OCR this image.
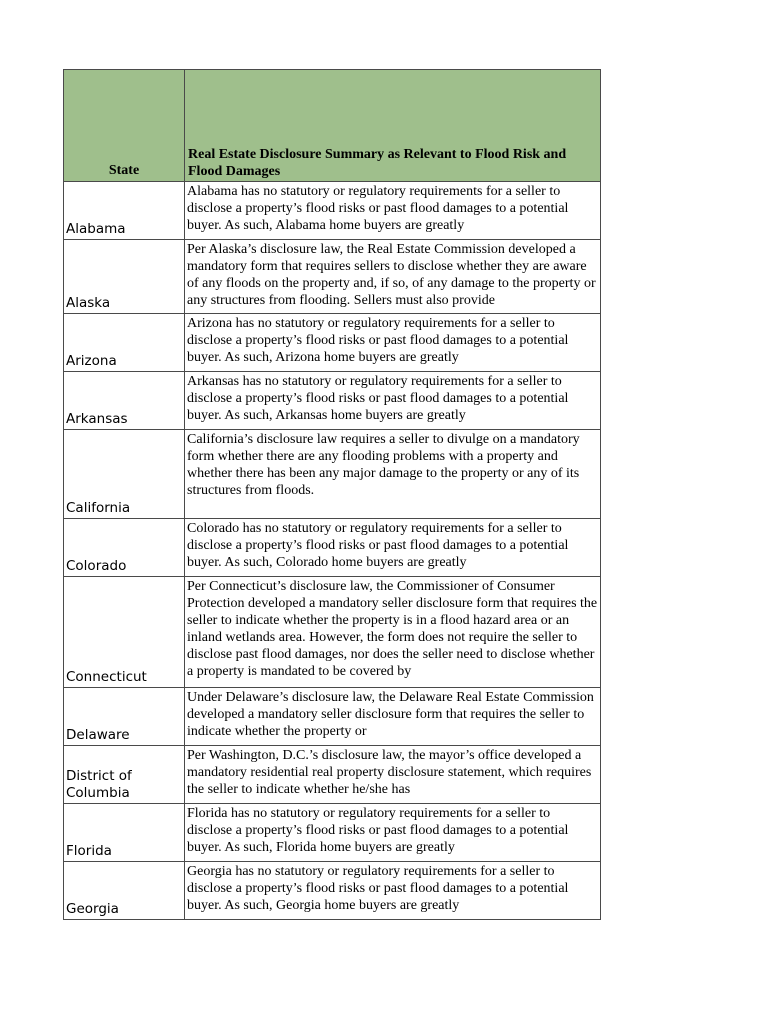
State	Real Estate Disclosure Summary as Relevant to Flood Risk and Flood Damages
Alabama	Alabama has no statutory or regulatory requirements for a seller to disclose a property’s flood risks or past flood damages to a potential buyer. As such, Alabama home buyers are greatly

Alaska	Per Alaska’s disclosure law, the Real Estate Commission developed a mandatory form that requires sellers to disclose whether they are aware of any floods on the property and, if so, of any damage to the property or any structures from flooding. Sellers must also provide

Arizona	Arizona has no statutory or regulatory requirements for a seller to disclose a property’s flood risks or past flood damages to a potential buyer. As such, Arizona home buyers are greatly

Arkansas	Arkansas has no statutory or regulatory requirements for a seller to disclose a property’s flood risks or past flood damages to a potential buyer. As such, Arkansas home buyers are greatly

California	California’s disclosure law requires a seller to divulge on a mandatory form whether there are any flooding problems with a property and whether there has been any major damage to the property or any of its structures from floods.

Colorado	Colorado has no statutory or regulatory requirements for a seller to disclose a property’s flood risks or past flood damages to a potential buyer. As such, Colorado home buyers are greatly

Connecticut	Per Connecticut’s disclosure law, the Commissioner of Consumer Protection developed a mandatory seller disclosure form that requires the seller to indicate whether the property is in a flood hazard area or an inland wetlands area. However, the form does not require the seller to disclose past flood damages, nor does the seller need to disclose whether a property is mandated to be covered by

Delaware	Under Delaware’s disclosure law, the Delaware Real Estate Commission developed a mandatory seller disclosure form that requires the seller to indicate whether the property or

District of Columbia	Per Washington, D.C.’s disclosure law, the mayor’s office developed a mandatory residential real property disclosure statement, which requires the seller to indicate whether he/she has

Florida	Florida has no statutory or regulatory requirements for a seller to disclose a property’s flood risks or past flood damages to a potential buyer. As such, Florida home buyers are greatly

Georgia	Georgia has no statutory or regulatory requirements for a seller to disclose a property’s flood risks or past flood damages to a potential buyer. As such, Georgia home buyers are greatly
